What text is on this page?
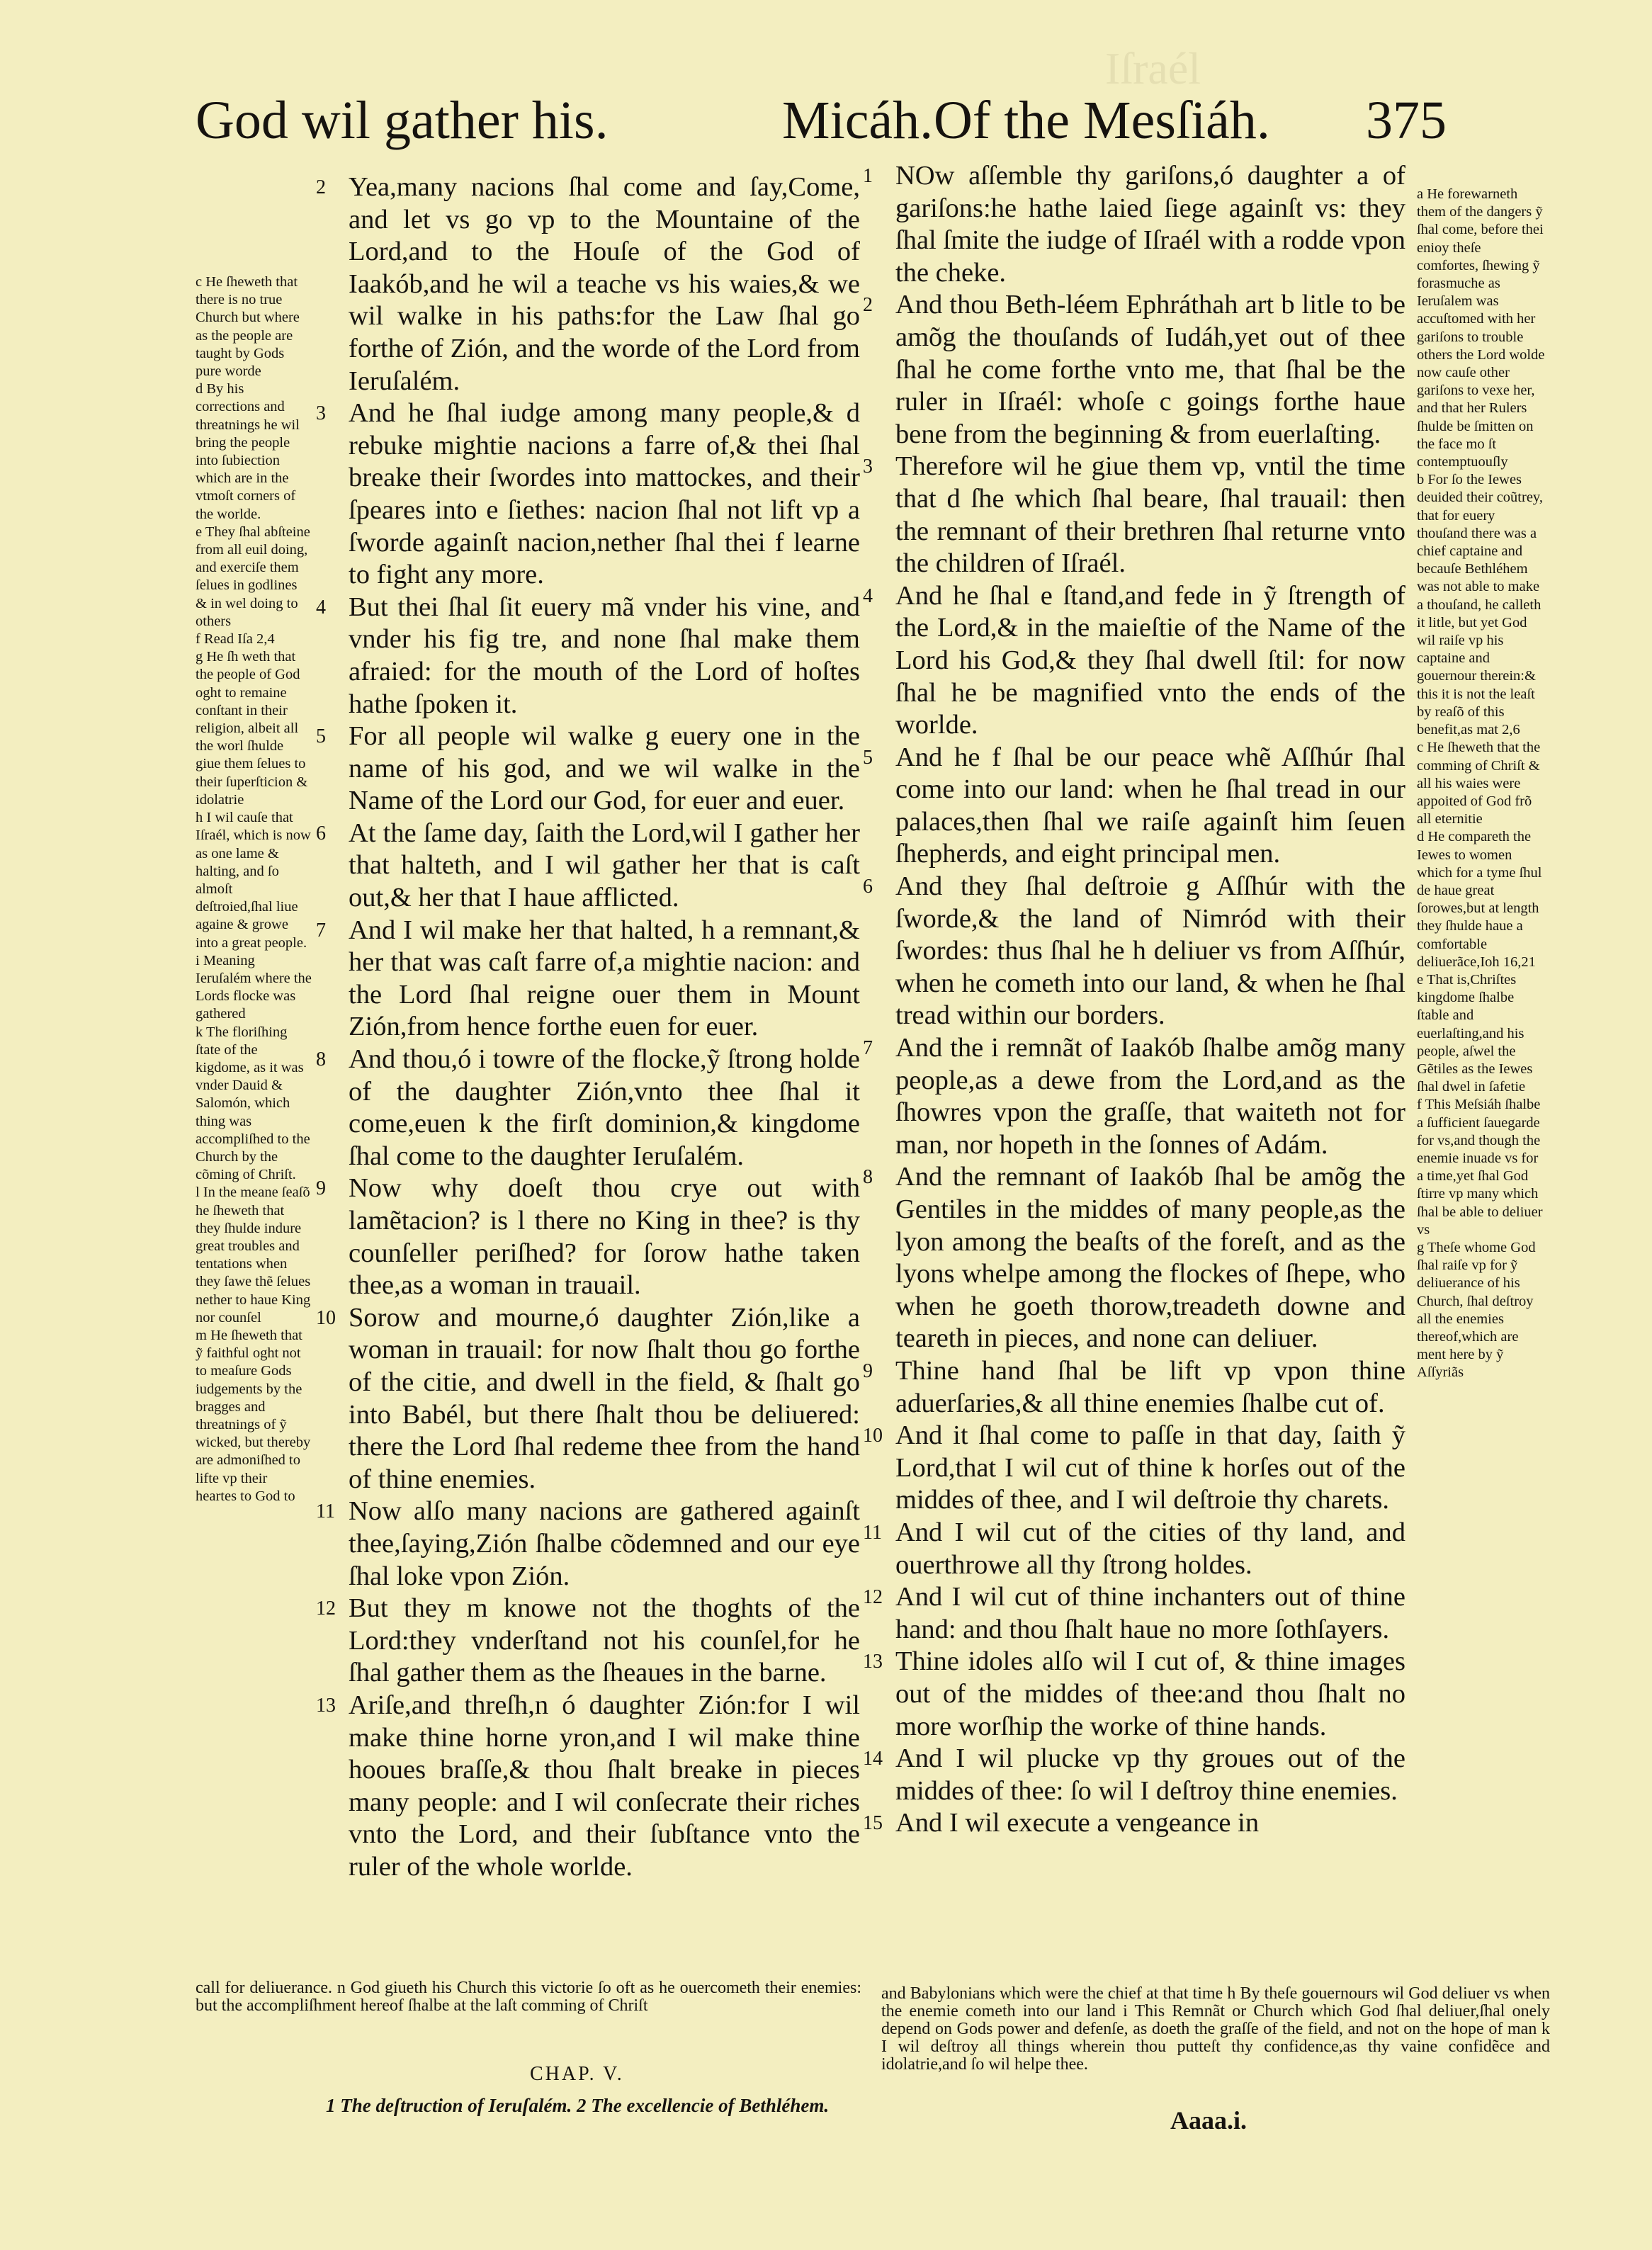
Iſraél
God wil gather his.	Micáh. Of the Mesſiáh. 375

c He ſheweth that there is no true Church but where as the people are taught by Gods pure worde

d By his corrections and threatnings he wil bring the people into ſubiection which are in the vtmoſt corners of the worlde.

e They ſhal abſteine from all euil doing, and exerciſe them ſelues in godlines & in wel doing to others

f Read Iſa 2,4

g He ſh weth that the people of God oght to remaine conſtant in their religion, albeit all the worl ſhulde giue them ſelues to their ſuperſticion & idolatrie

h I wil cauſe that Iſraél, which is now as one lame & halting, and ſo almoſt deſtroied,ſhal liue againe & growe into a great people.

i Meaning Ieruſalém where the Lords flocke was gathered

k The floriſhing ſtate of the kigdome, as it was vnder Dauid & Salomón, which thing was accompliſhed to the Church by the cõming of Chriſt.

l In the meane ſeaſõ he ſheweth that they ſhulde indure great troubles and tentations when they ſawe thẽ ſelues nether to haue King nor counſel

m He ſheweth that ỹ faithful oght not to meaſure Gods iudgements by the bragges and threatnings of ỹ wicked, but thereby are admoniſhed to lifte vp their heartes to God to

2 Yea,many nacions ſhal come and ſay,Come, and let vs go vp to the Mountaine of the Lord,and to the Houſe of the God of Iaakób,and he wil a teache vs his waies,& we wil walke in his paths:for the Law ſhal go forthe of Zión, and the worde of the Lord from Ieruſalém.

3 And he ſhal iudge among many people,& d rebuke mightie nacions a farre of,& thei ſhal breake their ſwordes into mattockes, and their ſpeares into e ſiethes: nacion ſhal not lift vp a ſworde againſt nacion,nether ſhal thei f learne to fight any more.

4 But thei ſhal ſit euery mã vnder his vine, and vnder his fig tre, and none ſhal make them afraied: for the mouth of the Lord of hoſtes hathe ſpoken it.

5 For all people wil walke g euery one in the name of his god, and we wil walke in the Name of the Lord our God, for euer and euer.

6 At the ſame day, ſaith the Lord,wil I gather her that halteth, and I wil gather her that is caſt out,& her that I haue afflicted.

7 And I wil make her that halted, h a remnant,& her that was caſt farre of,a mightie nacion: and the Lord ſhal reigne ouer them in Mount Zión,from hence forthe euen for euer.

8 And thou,ó i towre of the flocke,ỹ ſtrong holde of the daughter Zión,vnto thee ſhal it come,euen k the firſt dominion,& kingdome ſhal come to the daughter Ieruſalém.

9 Now why doeſt thou crye out with lamẽtacion? is l there no King in thee? is thy counſeller periſhed? for ſorow hathe taken thee,as a woman in trauail.

10 Sorow and mourne,ó daughter Zión,like a woman in trauail: for now ſhalt thou go forthe of the citie, and dwell in the field, & ſhalt go into Babél, but there ſhalt thou be deliuered: there the Lord ſhal redeme thee from the hand of thine enemies.

11 Now alſo many nacions are gathered againſt thee,ſaying,Zión ſhalbe cõdemned and our eye ſhal loke vpon Zión.

12 But they m knowe not the thoghts of the Lord:they vnderſtand not his counſel,for he ſhal gather them as the ſheaues in the barne.

13 Ariſe,and threſh,n ó daughter Zión:for I wil make thine horne yron,and I wil make thine hooues braſſe,& thou ſhalt breake in pieces many people: and I wil conſecrate their riches vnto the Lord, and their ſubſtance vnto the ruler of the whole worlde.

1 NOw aſſemble thy gariſons,ó daughter a of gariſons:he hathe laied ſiege againſt vs: they ſhal ſmite the iudge of Iſraél with a rodde vpon the cheke.

2 And thou Beth-léem Ephráthah art b litle to be amõg the thouſands of Iudáh,yet out of thee ſhal he come forthe vnto me, that ſhal be the ruler in Iſraél: whoſe c goings forthe haue bene from the beginning & from euerlaſting.

3 Therefore wil he giue them vp, vntil the time that d ſhe which ſhal beare, ſhal trauail: then the remnant of their brethren ſhal returne vnto the children of Iſraél.

4 And he ſhal e ſtand,and fede in ỹ ſtrength of the Lord,& in the maieſtie of the Name of the Lord his God,& they ſhal dwell ſtil: for now ſhal he be magnified vnto the ends of the worlde.

5 And he f ſhal be our peace whẽ Aſſhúr ſhal come into our land: when he ſhal tread in our palaces,then ſhal we raiſe againſt him ſeuen ſhepherds, and eight principal men.

6 And they ſhal deſtroie g Aſſhúr with the ſworde,& the land of Nimród with their ſwordes: thus ſhal he h deliuer vs from Aſſhúr, when he cometh into our land, & when he ſhal tread within our borders.

7 And the i remnãt of Iaakób ſhalbe amõg many people,as a dewe from the Lord,and as the ſhowres vpon the graſſe, that waiteth not for man, nor hopeth in the ſonnes of Adám.

8 And the remnant of Iaakób ſhal be amõg the Gentiles in the middes of many people,as the lyon among the beaſts of the foreſt, and as the lyons whelpe among the flockes of ſhepe, who when he goeth thorow,treadeth downe and teareth in pieces, and none can deliuer.

9 Thine hand ſhal be lift vp vpon thine aduerſaries,& all thine enemies ſhalbe cut of.

10 And it ſhal come to paſſe in that day, ſaith ỹ Lord,that I wil cut of thine k horſes out of the middes of thee, and I wil deſtroie thy charets.

11 And I wil cut of the cities of thy land, and ouerthrowe all thy ſtrong holdes.

12 And I wil cut of thine inchanters out of thine hand: and thou ſhalt haue no more ſothſayers.

13 Thine idoles alſo wil I cut of, & thine images out of the middes of thee:and thou ſhalt no more worſhip the worke of thine hands.

14 And I wil plucke vp thy groues out of the middes of thee: ſo wil I deſtroy thine enemies.

15 And I wil execute a vengeance in

a He forewarneth them of the dangers ỹ ſhal come, before thei enioy theſe comfortes, ſhewing ỹ forasmuche as Ieruſalem was accuſtomed with her gariſons to trouble others the Lord wolde now cauſe other gariſons to vexe her, and that her Rulers ſhulde be ſmitten on the face mo ſt contemptuouſly

b For ſo the Iewes deuided their coũtrey, that for euery thouſand there was a chief captaine and becauſe Bethléhem was not able to make a thouſand, he calleth it litle, but yet God wil raiſe vp his captaine and gouernour therein:& this it is not the leaſt by reaſõ of this benefit,as mat 2,6

c He ſheweth that the comming of Chriſt & all his waies were appoited of God frõ all eternitie

d He compareth the Iewes to women which for a tyme ſhul de haue great ſorowes,but at length they ſhulde haue a comfortable deliuerãce,Ioh 16,21

e That is,Chriſtes kingdome ſhalbe ſtable and euerlaſting,and his people, aſwel the Gẽtiles as the Iewes ſhal dwel in ſafetie

f This Meſsiáh ſhalbe a ſufficient ſauegarde for vs,and though the enemie inuade vs for a time,yet ſhal God ſtirre vp many which ſhal be able to deliuer vs

g Theſe whome God ſhal raiſe vp for ỹ deliuerance of his Church, ſhal deſtroy all the enemies thereof,which are ment here by ỹ Aſſyriãs

call for deliuerance. n God giueth his Church this victorie ſo oft as he ouercometh their enemies: but the accompliſhment hereof ſhalbe at the laſt comming of Chriſt
and Babylonians which were the chief at that time h By theſe gouernours wil God deliuer vs when the enemie cometh into our land i This Remnãt or Church which God ſhal deliuer,ſhal onely depend on Gods power and defenſe, as doeth the graſſe of the field, and not on the hope of man k I wil deſtroy all things wherein thou putteſt thy confidence,as thy vaine confidẽce and idolatrie,and ſo wil helpe thee.
CHAP. V.
1 The deſtruction of Ieruſalém. 2 The excellencie of Bethléhem.
Aaaa.i.
